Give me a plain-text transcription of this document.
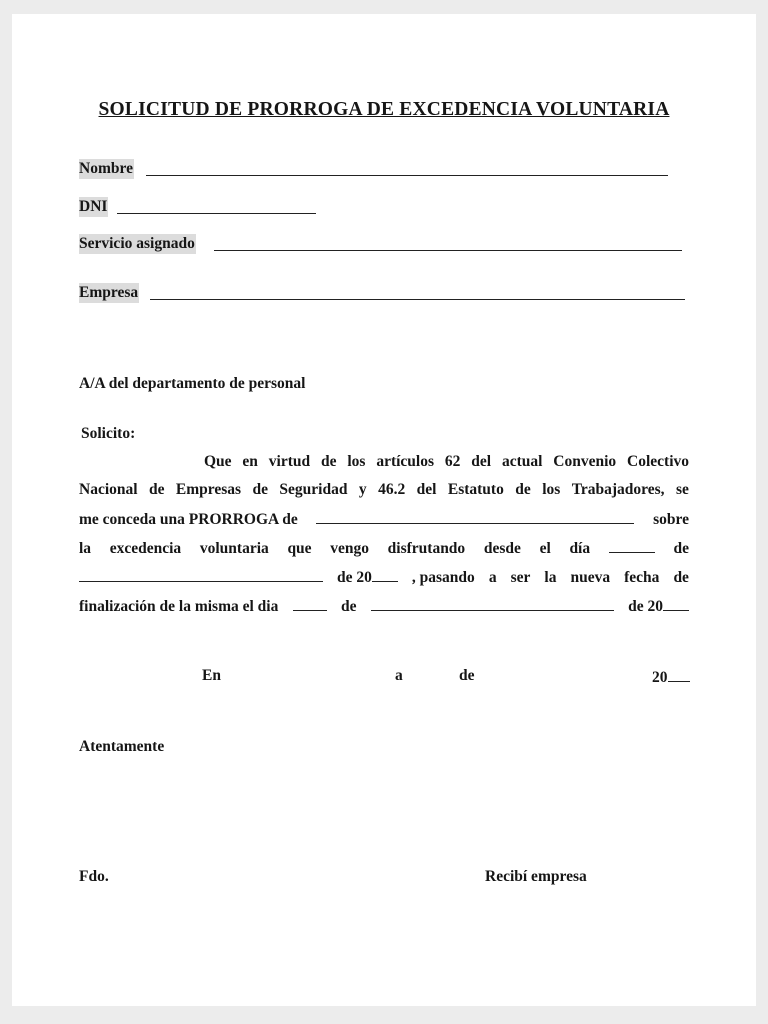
SOLICITUD DE PRORROGA DE EXCEDENCIA VOLUNTARIA
Nombre
DNI
Servicio asignado
Empresa
A/A del departamento de personal
Solicito:
Que en virtud de los artículos 62 del actual Convenio Colectivo
Nacional de Empresas de Seguridad y 46.2 del Estatuto de los Trabajadores, se
me conceda una PRORROGA de	sobre
la excedencia voluntaria que vengo disfrutando desde el día	de
de 20	, pasando a ser la nueva fecha de
finalización de la misma el dia	de	de 20
En	a	de	20
Atentamente
Fdo.	Recibí empresa
